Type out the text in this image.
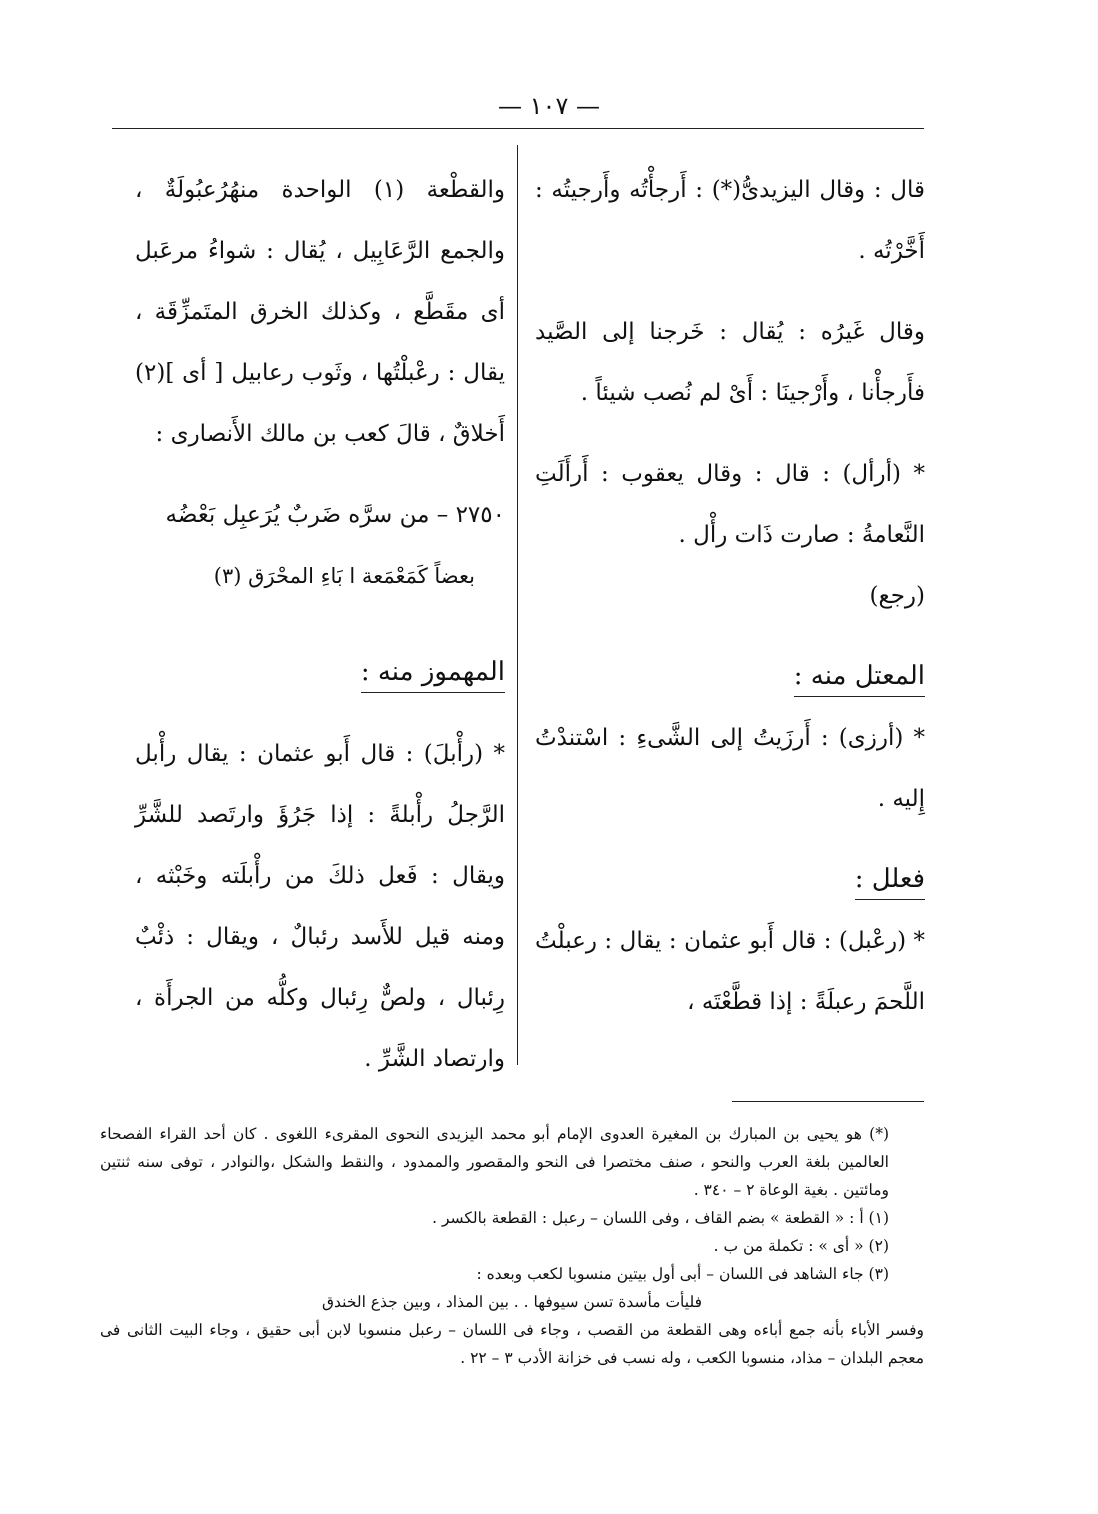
— ١٠٧ —

قال : وقال اليزيدىُّ(*) : أَرجأْتُه وأَرجيتُه : أَخَّرْتُه .

وقال غَيرُه : يُقال : خَرجنا إلى الصَّيد فأَرجأْنا ، وأَرْجينَا : أَىْ لم نُصب شيئاً .

* (أرأل) : قال : وقال يعقوب : أَرأَلَتِ النَّعامةُ : صارت ذَات رأْل .

(رجع)

المعتل منه :

* (أرزى) : أَرزَيتُ إلى الشَّىءِ : اسْتندْتُ إِليه .

فعلل :

* (رعْبل) : قال أَبو عثمان : يقال : رعبلْتُ اللَّحمَ رعبلَةً : إذا قطَّعْتَه ،

والقطْعة (١) الواحدة منهُرُعبُولَةٌ ، والجمع الرَّعَابِيل ، يُقال : شواءُ مرعَبل أى مقَطَّع ، وكذلك الخرق المتَمزِّقَة ، يقال : رعْبلْتُها ، وثَوب رعابيل [ أى ](٢) أَخلاقٌ ، قالَ كعب بن مالك الأَنصارى :

٢٧٥٠ – من سرَّه ضَربٌ يُرَعبِل بَعْضُه

بعضاً كَمَعْمَعة ا بَاءِ المحْرَق (٣)

المهموز منه :

* (رأْبلَ) : قال أَبو عثمان : يقال رأْبل الرَّجلُ رأْبلةً : إذا جَرُؤَ وارتَصد للشَّرِّ ويقال : فَعل ذلكَ من رأْبلَته وخَبْثه ، ومنه قيل للأَسد رئبالٌ ، ويقال : ذئْبٌ رِئبال ، ولصٌّ رِئبال وكلُّه من الجرأَة ، وارتصاد الشَّرِّ .

(*) هو يحيى بن المبارك بن المغيرة العدوى الإمام أبو محمد اليزيدى النحوى المقرىء اللغوى . كان أحد القراء الفصحاء العالمين بلغة العرب والنحو ، صنف مختصرا فى النحو والمقصور والممدود ، والنقط والشكل ،والنوادر ، توفى سنه ثنتين ومائتين . بغية الوعاة ٢ – ٣٤٠ .

(١) أ : « القطعة » بضم القاف ، وفى اللسان – رعبل : القطعة بالكسر .

(٢) « أى » : تكملة من ب .

(٣) جاء الشاهد فى اللسان – أبى أول بيتين منسوبا لكعب وبعده :

فليأت مأسدة تسن سيوفها . . بين المذاد ، وبين جذع الخندق

وفسر الأباء بأنه جمع أباءه وهى القطعة من القصب ، وجاء فى اللسان – رعبل منسوبا لابن أبى حقيق ، وجاء البيت الثانى فى معجم البلدان – مذاد، منسوبا الكعب ، وله نسب فى خزانة الأدب ٣ – ٢٢ .
